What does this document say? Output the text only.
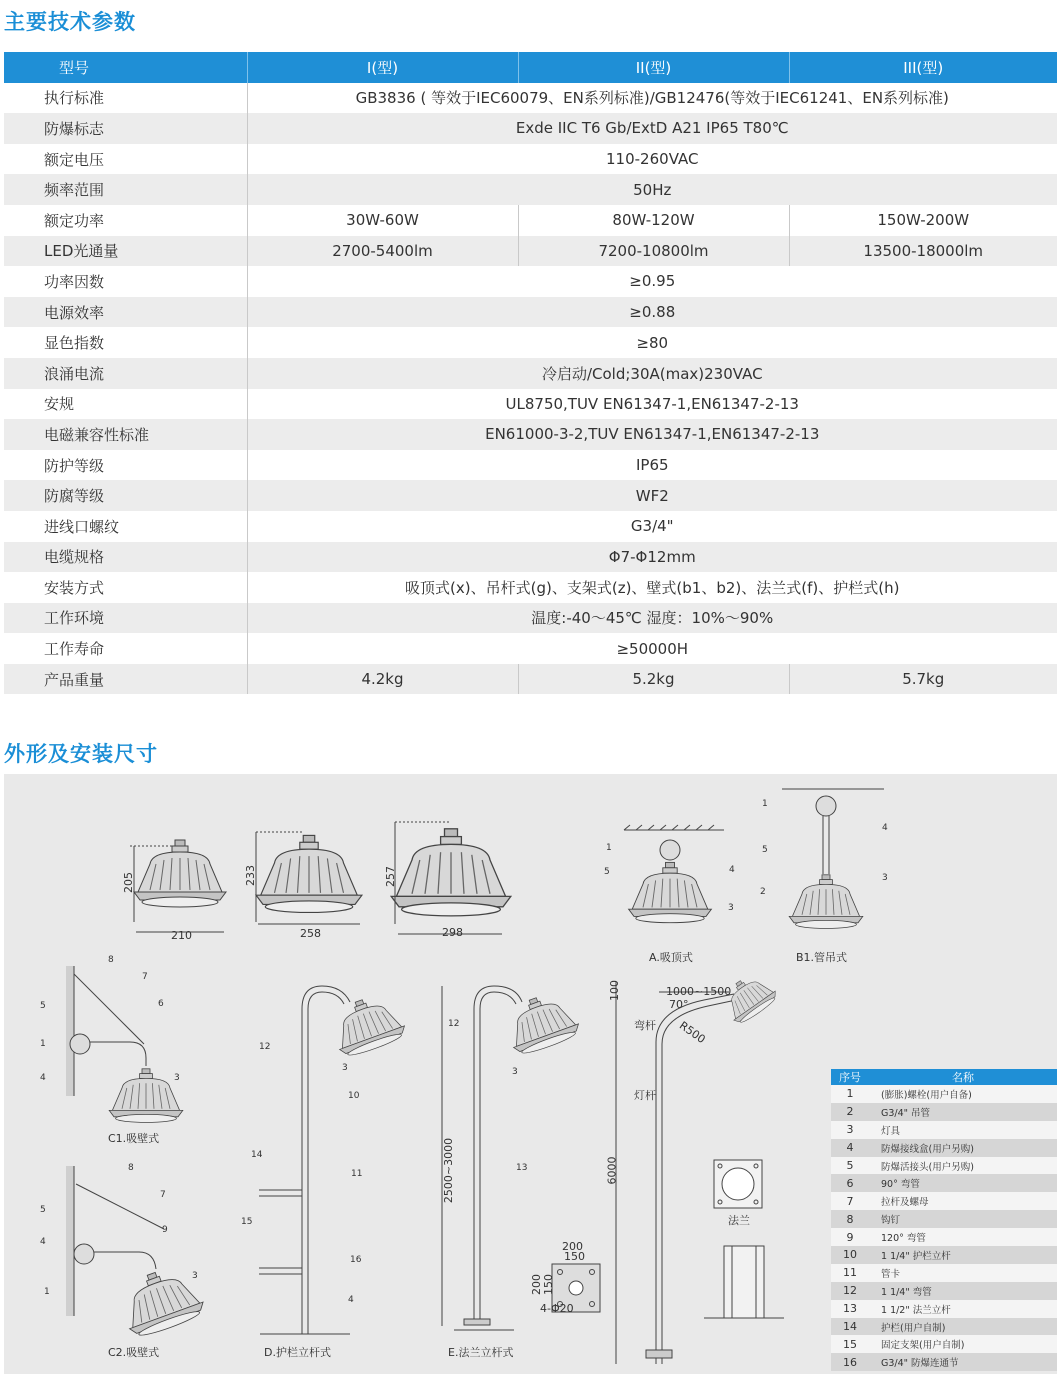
主要技术参数
型号	I(型)	II(型)	III(型)
执行标准	GB3836 ( 等效于IEC60079、EN系列标准)/GB12476(等效于IEC61241、EN系列标准)		
防爆标志	Exde IIC T6 Gb/ExtD A21 IP65 T80℃		
额定电压	110-260VAC		
频率范围	50Hz		
额定功率	30W-60W	80W-120W	150W-200W
LED光通量	2700-5400lm	7200-10800lm	13500-18000lm
功率因数	≥0.95		
电源效率	≥0.88		
显色指数	≥80		
浪涌电流	冷启动/Cold;30A(max)230VAC		
安规	UL8750,TUV EN61347-1,EN61347-2-13		
电磁兼容性标准	EN61000-3-2,TUV EN61347-1,EN61347-2-13		
防护等级	IP65		
防腐等级	WF2		
进线口螺纹	G3/4"		
电缆规格	Φ7-Φ12mm		
安装方式	吸顶式(x)、吊杆式(g)、支架式(z)、壁式(b1、b2)、法兰式(f)、护栏式(h)		
工作环境	温度:-40～45℃ 湿度：10%～90%		
工作寿命	≥50000H		
产品重量	4.2kg	5.2kg	5.7kg
外形及安装尺寸
1
5	4
3
1
5
4
2
3
8
7
6
5
1
4	3
8
7
9
5
4
1
3
12
3
10
14
11
15
16
4
12
3
13
210
205
258
233
298
257
2500~3000	6000
100	1000~1500
70°
R500
弯杆
灯杆
200
150
200 150
4-Φ20
A.吸顶式	B1.管吊式
C1.吸壁式
C2.吸壁式	D.护栏立杆式	E.法兰立杆式
法兰
序号	名称
1	(膨胀)螺栓(用户自备)
2	G3/4" 吊管
3	灯具
4	防爆接线盒(用户另购)
5	防爆活接头(用户另购)
6	90° 弯管
7	拉杆及螺母
8	钩钉
9	120° 弯管
10	1 1/4" 护栏立杆
11	管卡
12	1 1/4" 弯管
13	1 1/2" 法兰立杆
14	护栏(用户自制)
15	固定支架(用户自制)
16	G3/4" 防爆连通节
